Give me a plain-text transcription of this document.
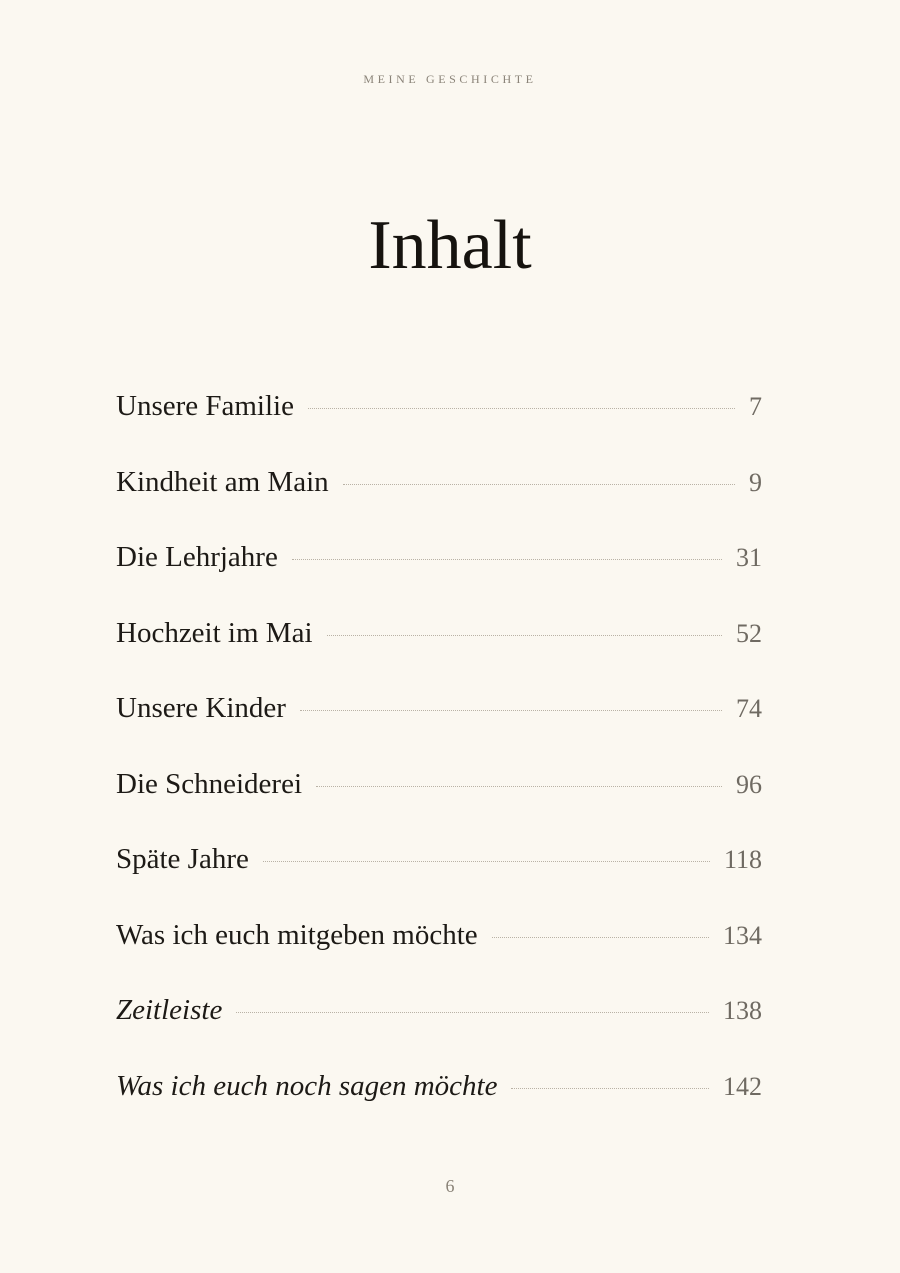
MEINE GESCHICHTE
Inhalt
Unsere Familie	7
Kindheit am Main	9
Die Lehrjahre	31
Hochzeit im Mai	52
Unsere Kinder	74
Die Schneiderei	96
Späte Jahre	118
Was ich euch mitgeben möchte	134
Zeitleiste	138
Was ich euch noch sagen möchte	142
6
